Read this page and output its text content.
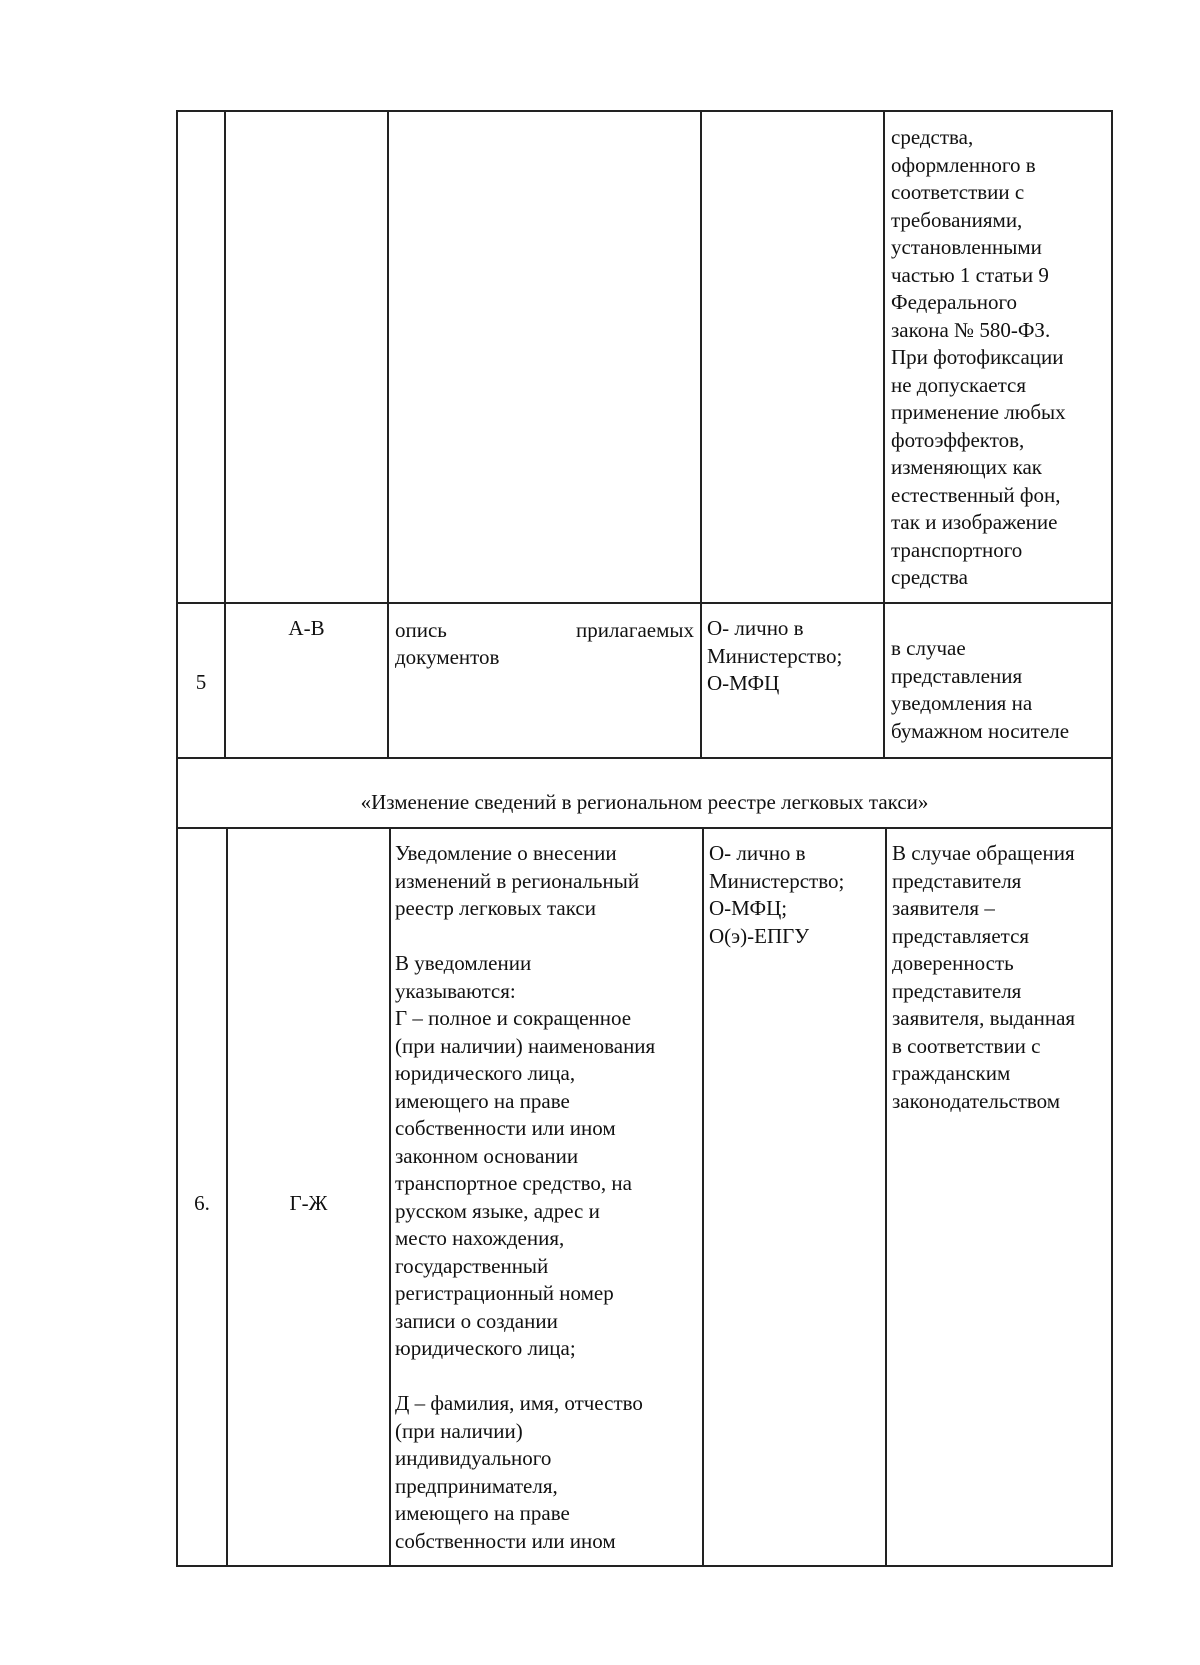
средства,
оформленного в
соответствии с
требованиями,
установленными
частью 1 статьи 9
Федерального
закона № 580-ФЗ.
При фотофиксации
не допускается
применение любых
фотоэффектов,
изменяющих как
естественный фон,
так и изображение
транспортного
средства
5
А-В	опись прилагаемых
документов
О- лично в
Министерство;
О-МФЦ
в случае
представления
уведомления на
бумажном носителе
«Изменение сведений в региональном реестре легковых такси»
6.	Г-Ж
Уведомление о внесении
изменений в региональный
реестр легковых такси

В уведомлении
указываются:
Г – полное и сокращенное
(при наличии) наименования
юридического лица,
имеющего на праве
собственности или ином
законном основании
транспортное средство, на
русском языке, адрес и
место нахождения,
государственный
регистрационный номер
записи о создании
юридического лица;

Д – фамилия, имя, отчество
(при наличии)
индивидуального
предпринимателя,
имеющего на праве
собственности или ином
О- лично в
Министерство;
О-МФЦ;
О(э)-ЕПГУ
В случае обращения
представителя
заявителя –
представляется
доверенность
представителя
заявителя, выданная
в соответствии с
гражданским
законодательством
